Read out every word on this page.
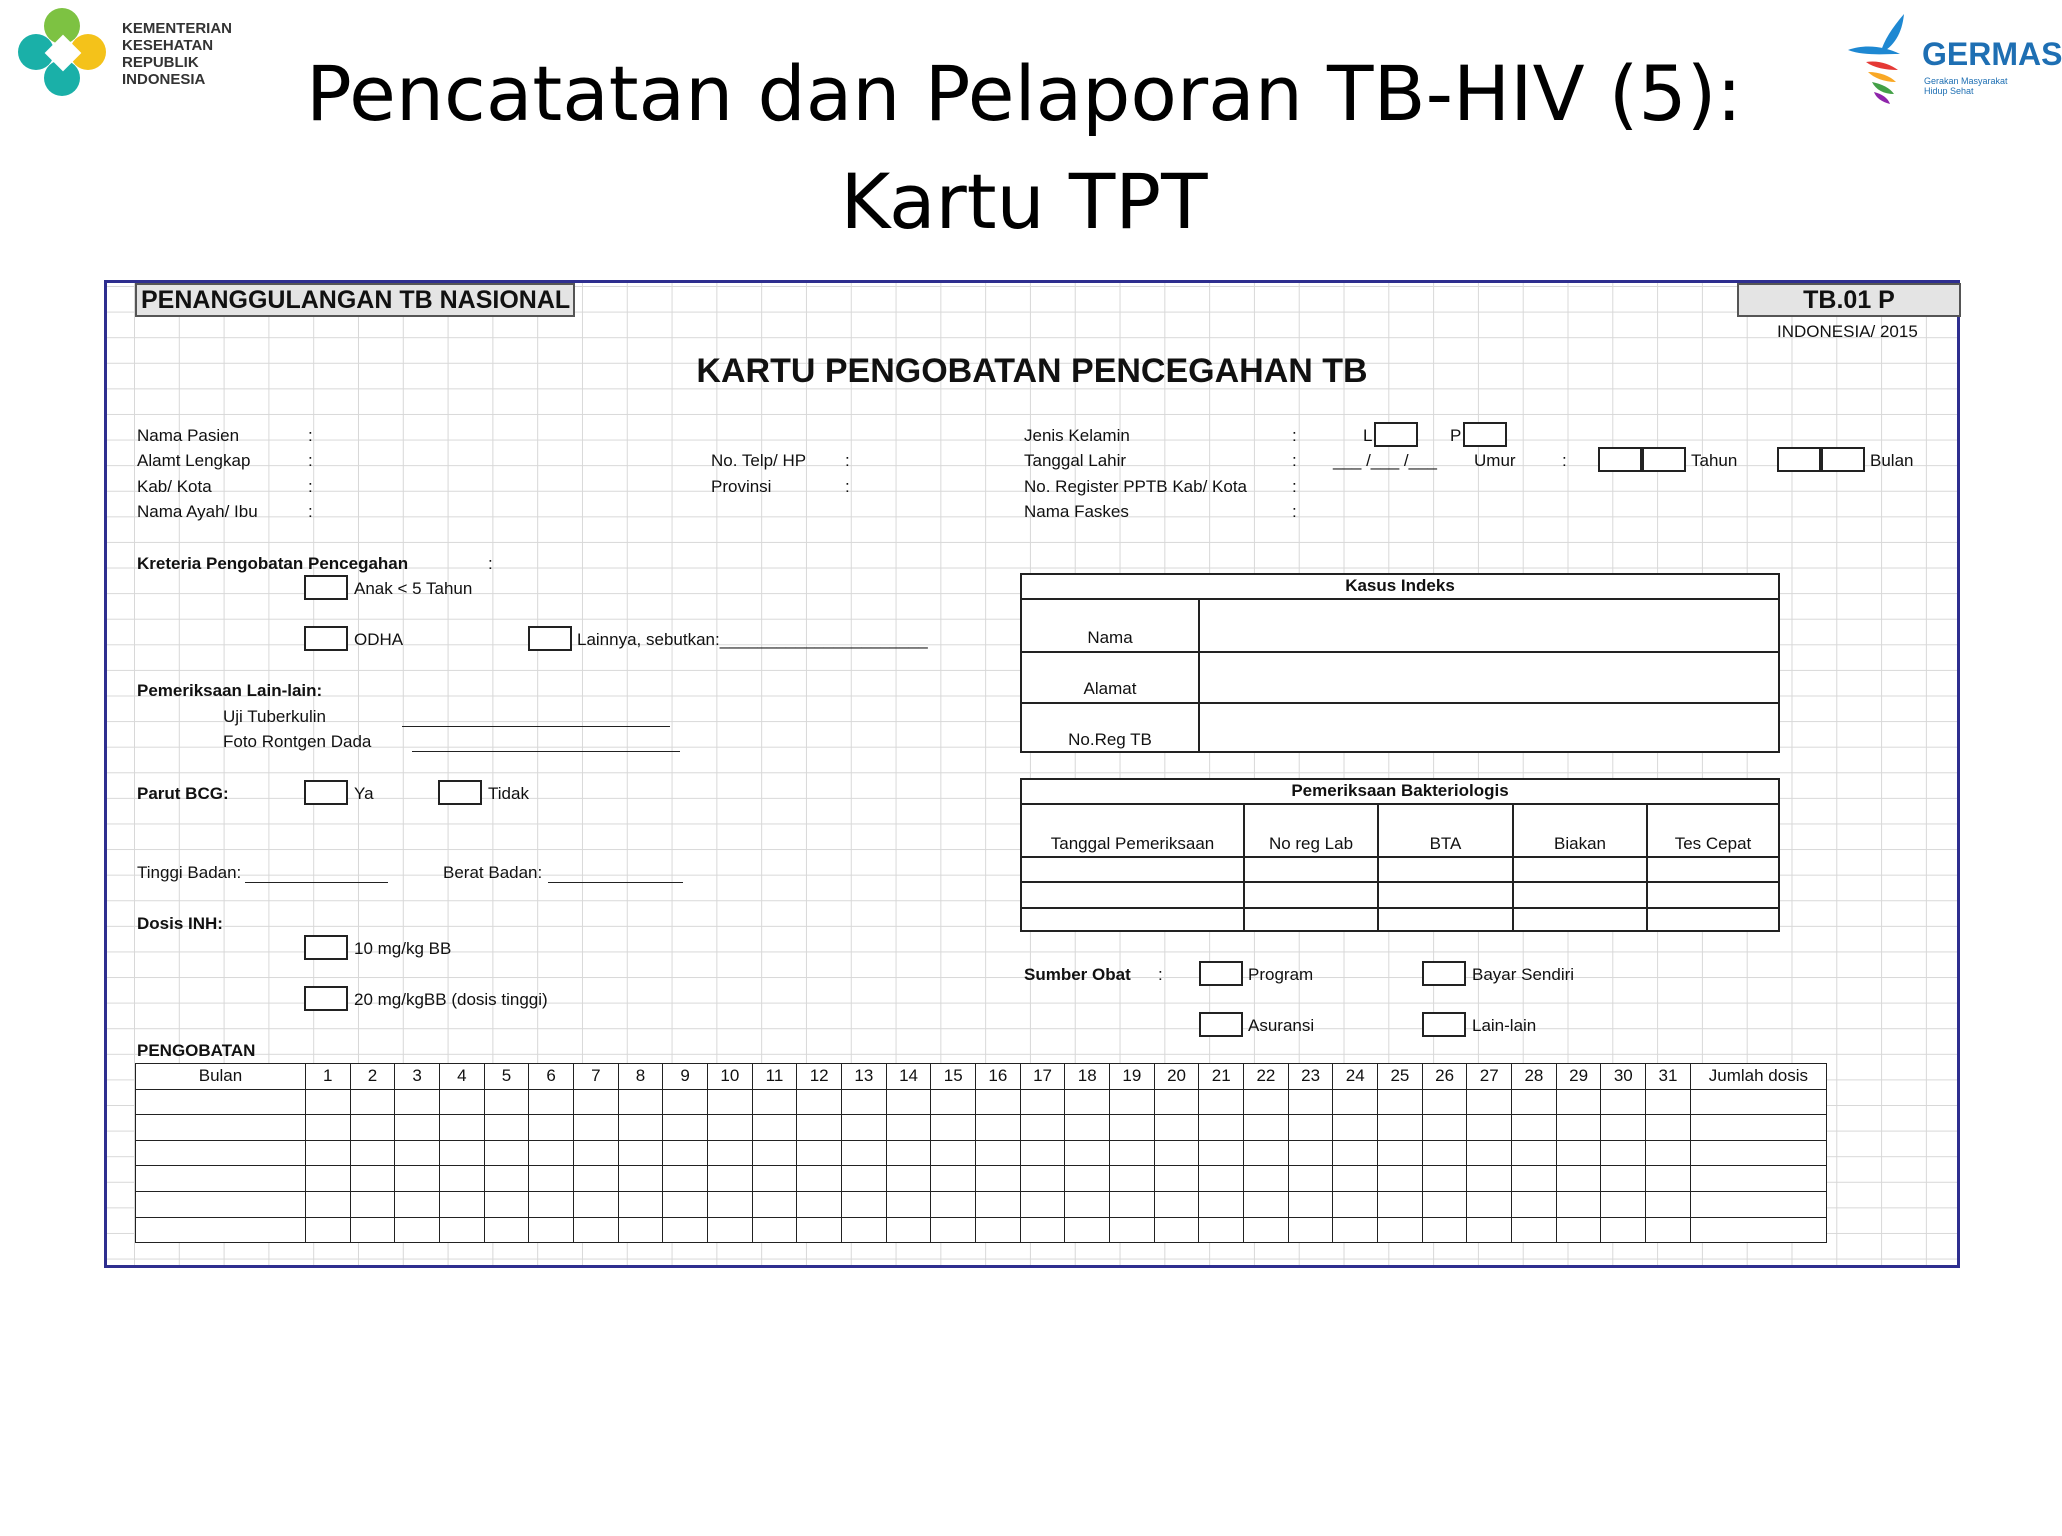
KEMENTERIAN
KESEHATAN
REPUBLIK
INDONESIA
GERMAS
Gerakan Masyarakat
Hidup Sehat
Pencatatan dan Pelaporan TB-HIV (5):
Kartu TPT
PENANGGULANGAN TB NASIONAL	TB.01 P
INDONESIA/ 2015
KARTU PENGOBATAN PENCEGAHAN TB
Nama Pasien	:
Alamt Lengkap	:
Kab/ Kota	:
Nama Ayah/ Ibu	:
No. Telp/ HP :
Provinsi	:
Jenis Kelamin	:	L	P
Tanggal Lahir	: ___ /___ /___ Umur	:	Tahun	Bulan
No. Register PPTB Kab/ Kota	:
Nama Faskes	:
Kreteria Pengobatan Pencegahan	:
Anak < 5 Tahun
ODHA	Lainnya, sebutkan:______________________
Pemeriksaan Lain-lain:
Uji Tuberkulin
Foto Rontgen Dada
Parut BCG:	Ya	Tidak
Tinggi Badan:	Berat Badan:
Dosis INH:
10 mg/kg BB
20 mg/kgBB (dosis tinggi)
Kasus Indeks
Nama
Alamat
No.Reg TB
Pemeriksaan Bakteriologis
Tanggal Pemeriksaan	No reg Lab	BTA	Biakan	Tes Cepat
Sumber Obat :	Program	Bayar Sendiri
Asuransi	Lain-lain
PENGOBATAN
Bulan	1	2	3	4	5	6	7	8	9	10	11	12	13	14	15	16	17	18	19	20	21	22	23	24	25	26	27	28	29	30	31	Jumlah dosis
